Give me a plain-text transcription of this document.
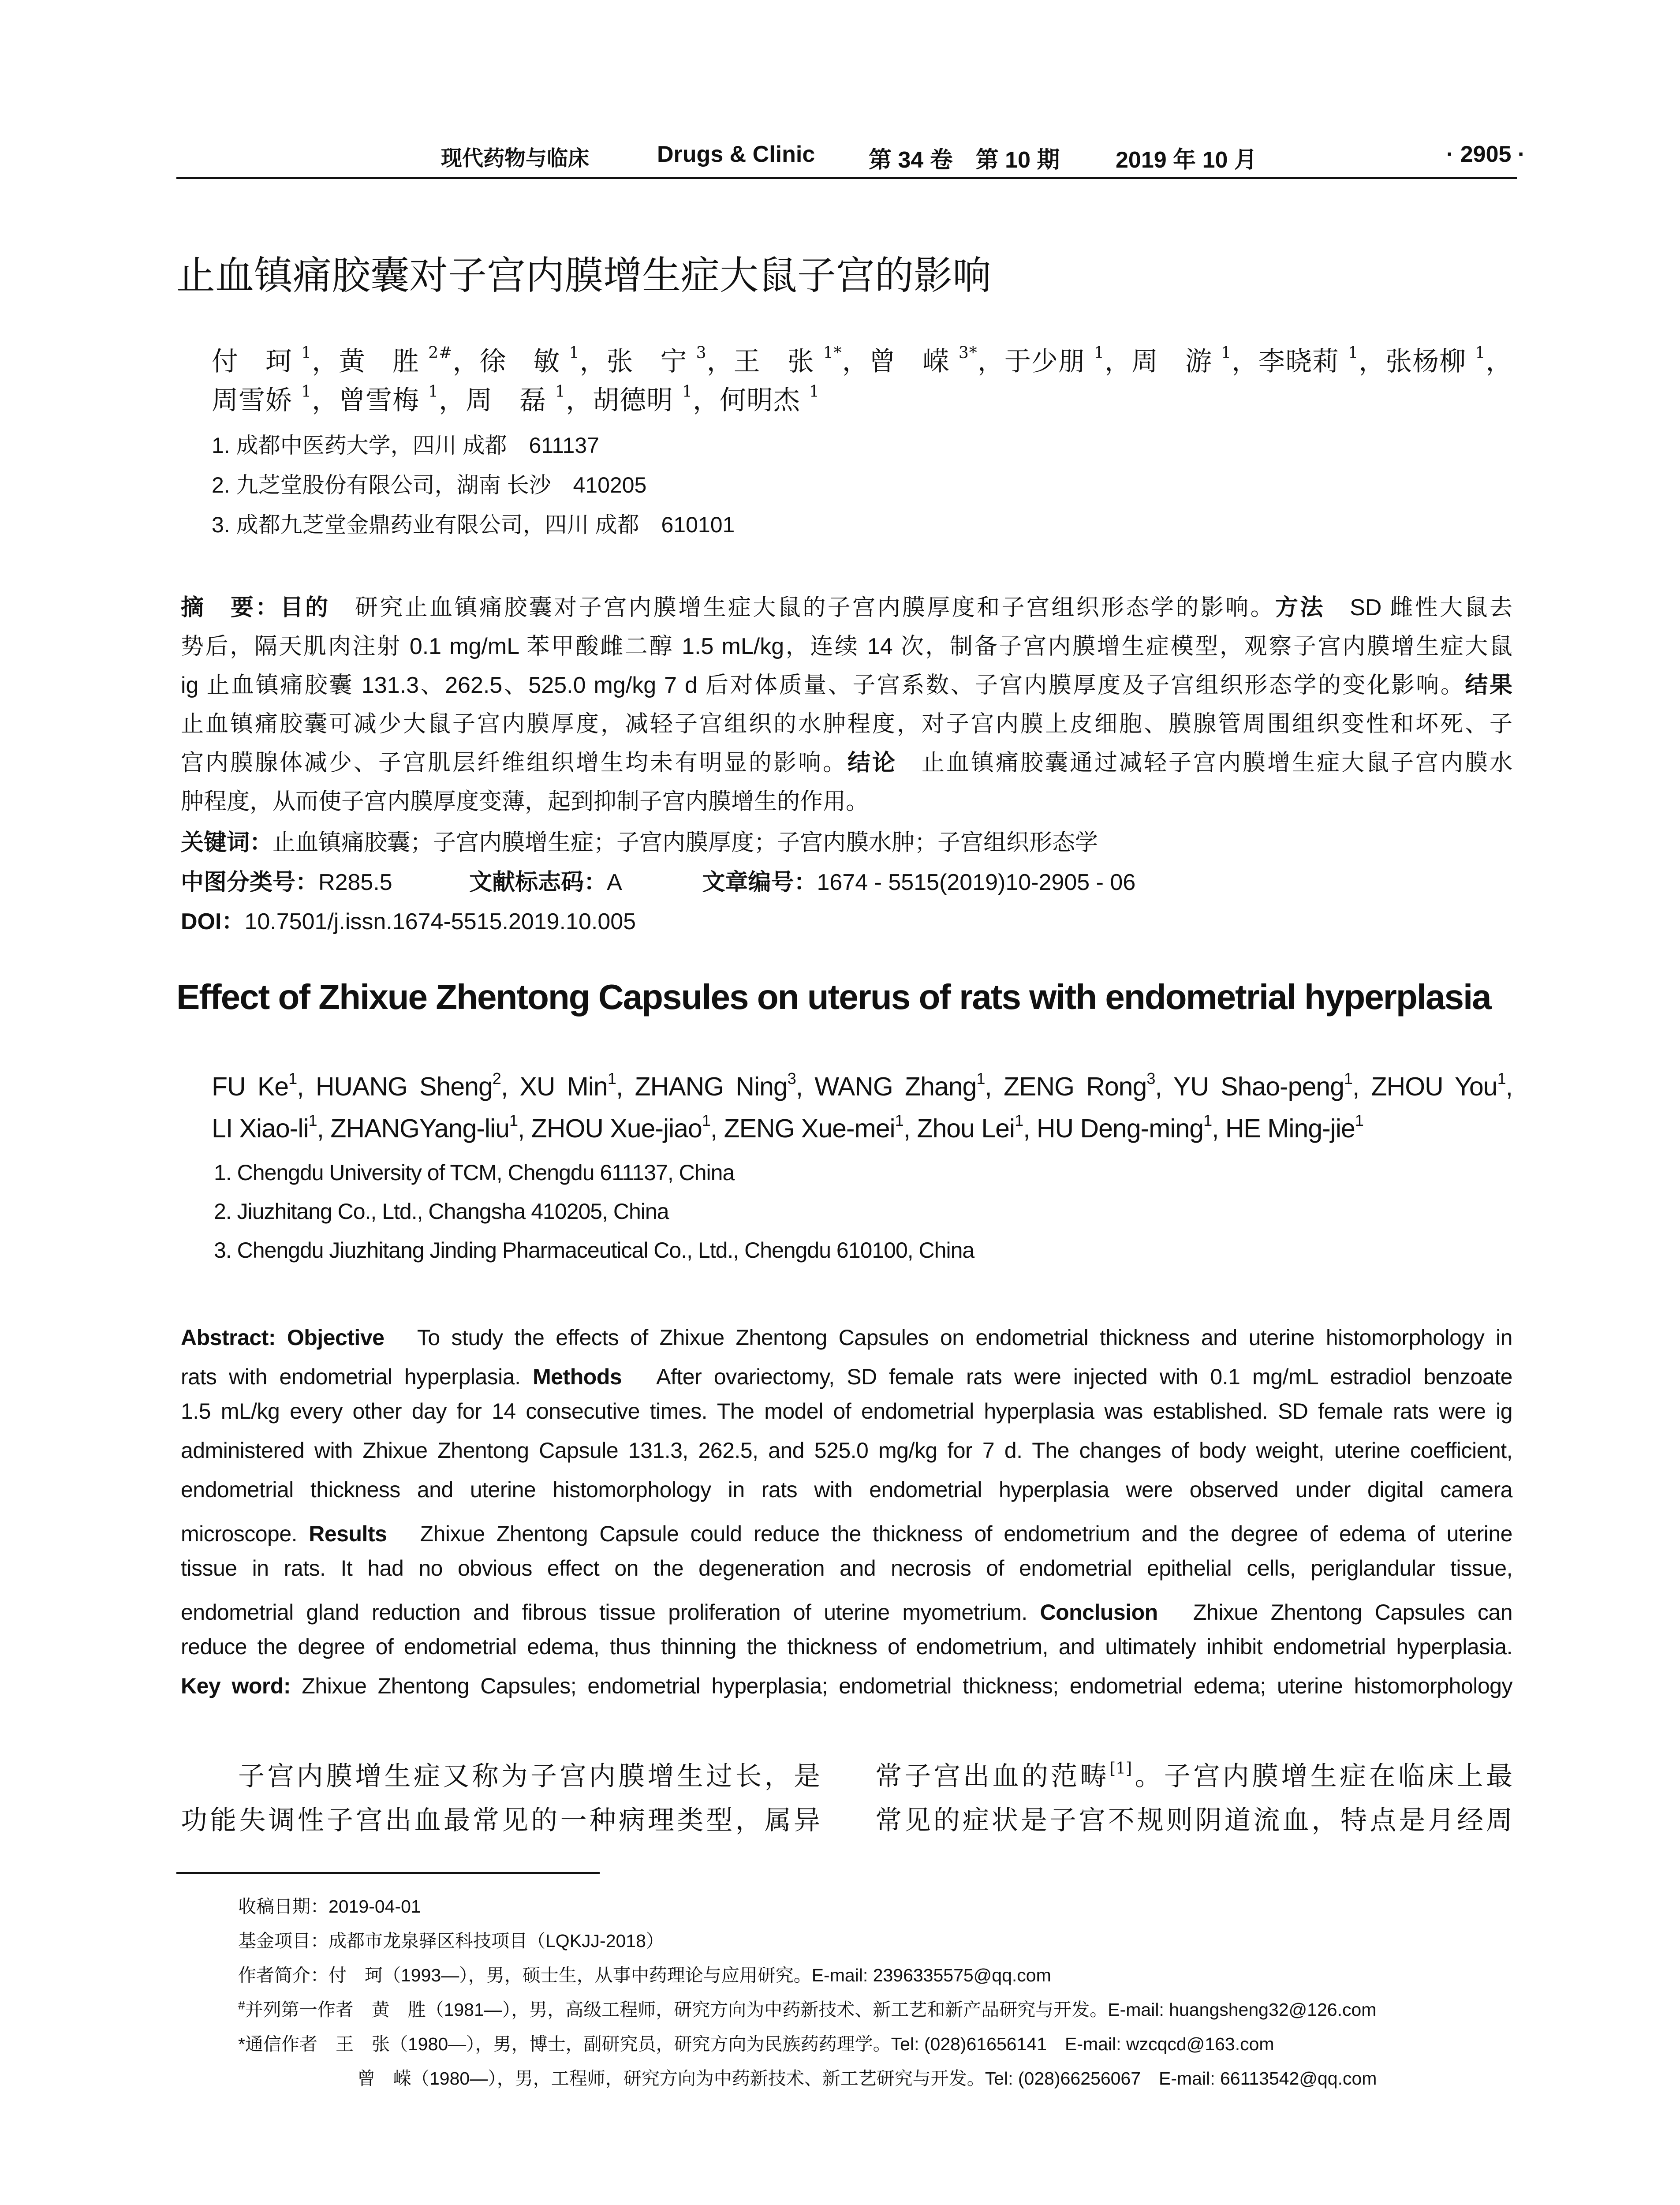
现代药物与临床	Drugs & Clinic 第 34 卷　第 10 期 2019 年 10 月	· 2905 ·
止血镇痛胶囊对子宫内膜增生症大鼠子宫的影响
付　珂 $^1$，黄　胜 $^{2\#}$，徐　敏 $^1$，张　宁 $^3$，王　张 $^{1*}$，曾　嵘 $^{3*}$，于少朋 $^1$，周　游 $^1$，李晓莉 $^1$，张杨柳 $^1$，
周雪娇 $^1$，曾雪梅 $^1$，周　磊 $^1$，胡德明 $^1$，何明杰 $^1$
1. 成都中医药大学，四川 成都　611137
2. 九芝堂股份有限公司，湖南 长沙　410205
3. 成都九芝堂金鼎药业有限公司，四川 成都　610101
摘　要：目的　 研究止血镇痛胶囊对子宫内膜增生症大鼠的子宫内膜厚度和子宫组织形态学的影响。方法　 SD 雌性大鼠去
势后，隔天肌肉注射 0.1 mg/mL 苯甲酸雌二醇 1.5 mL/kg，连续 14 次，制备子宫内膜增生症模型，观察子宫内膜增生症大鼠
ig 止血镇痛胶囊 131.3、262.5、525.0 mg/kg 7 d 后对体质量、子宫系数、子宫内膜厚度及子宫组织形态学的变化影响。结果
止血镇痛胶囊可减少大鼠子宫内膜厚度，减轻子宫组织的水肿程度，对子宫内膜上皮细胞、膜腺管周围组织变性和坏死、子
宫内膜腺体减少、子宫肌层纤维组织增生均未有明显的影响。结论　 止血镇痛胶囊通过减轻子宫内膜增生症大鼠子宫内膜水
肿程度，从而使子宫内膜厚度变薄，起到抑制子宫内膜增生的作用。
关键词：止血镇痛胶囊；子宫内膜增生症；子宫内膜厚度；子宫内膜水肿；子宫组织形态学
中图分类号：R285.5	文献标志码：A	文章编号：1674 - 5515(2019)10-2905 - 06
DOI：10.7501/j.issn.1674-5515.2019.10.005
Effect of Zhixue Zhentong Capsules on uterus of rats with endometrial hyperplasia
FU Ke$^1$, HUANG Sheng$^2$, XU Min$^1$, ZHANG Ning$^3$, WANG Zhang$^1$, ZENG Rong$^3$, YU Shao-peng$^1$, ZHOU You$^1$,
LI Xiao-$li^1$, ZHANGYang-liu$^1$, ZHOU Xue-jiao$^1$, ZENG Xue-mei$^1$, Zhou Lei$^1$, HU Deng-ming$^1$, HE Ming-jie$^1$
1. Chengdu University of TCM, Chengdu 611137, China
2. Jiuzhitang Co., Ltd., Changsha 410205, China
3. Chengdu Jiuzhitang Jinding Pharmaceutical Co., Ltd., Chengdu 610100, China
Abstract: Objective　 To study the effects of Zhixue Zhentong Capsules on endometrial thickness and uterine histomorphology in
rats with endometrial hyperplasia. Methods　 After ovariectomy, SD female rats were injected with 0.1 mg/mL estradiol benzoate
1.5 mL/kg every other day for 14 consecutive times. The model of endometrial hyperplasia was established. SD female rats were ig
administered with Zhixue Zhentong Capsule 131.3, 262.5, and 525.0 mg/kg for 7 d. The changes of body weight, uterine coefficient,
endometrial thickness and uterine histomorphology in rats with endometrial hyperplasia were observed under digital camera
microscope. Results　 Zhixue Zhentong Capsule could reduce the thickness of endometrium and the degree of edema of uterine
tissue in rats. It had no obvious effect on the degeneration and necrosis of endometrial epithelial cells, periglandular tissue,
endometrial gland reduction and fibrous tissue proliferation of uterine myometrium. Conclusion　 Zhixue Zhentong Capsules can
reduce the degree of endometrial edema, thus thinning the thickness of endometrium, and ultimately inhibit endometrial hyperplasia.
Key word: Zhixue Zhentong Capsules; endometrial hyperplasia; endometrial thickness; endometrial edema; uterine histomorphology
子宫内膜增生症又称为子宫内膜增生过长，是
功能失调性子宫出血最常见的一种病理类型，属异
常子宫出血的范畴[1]。子宫内膜增生症在临床上最
常见的症状是子宫不规则阴道流血，特点是月经周
收稿日期：2019-04-01
基金项目：成都市龙泉驿区科技项目（LQKJJ-2018）
作者简介：付　珂（1993—），男，硕士生，从事中药理论与应用研究。E-mail: 2396335575@qq.com
#并列第一作者　 黄　胜（1981—），男，高级工程师，研究方向为中药新技术、新工艺和新产品研究与开发。E-mail: huangsheng32@126.com
*通信作者　 王　张（1980—），男，博士，副研究员，研究方向为民族药药理学。Tel: (028)61656141　E-mail: wzcqcd@163.com
曾　嵘（1980—），男，工程师，研究方向为中药新技术、新工艺研究与开发。Tel: (028)66256067　E-mail: 66113542@qq.com
